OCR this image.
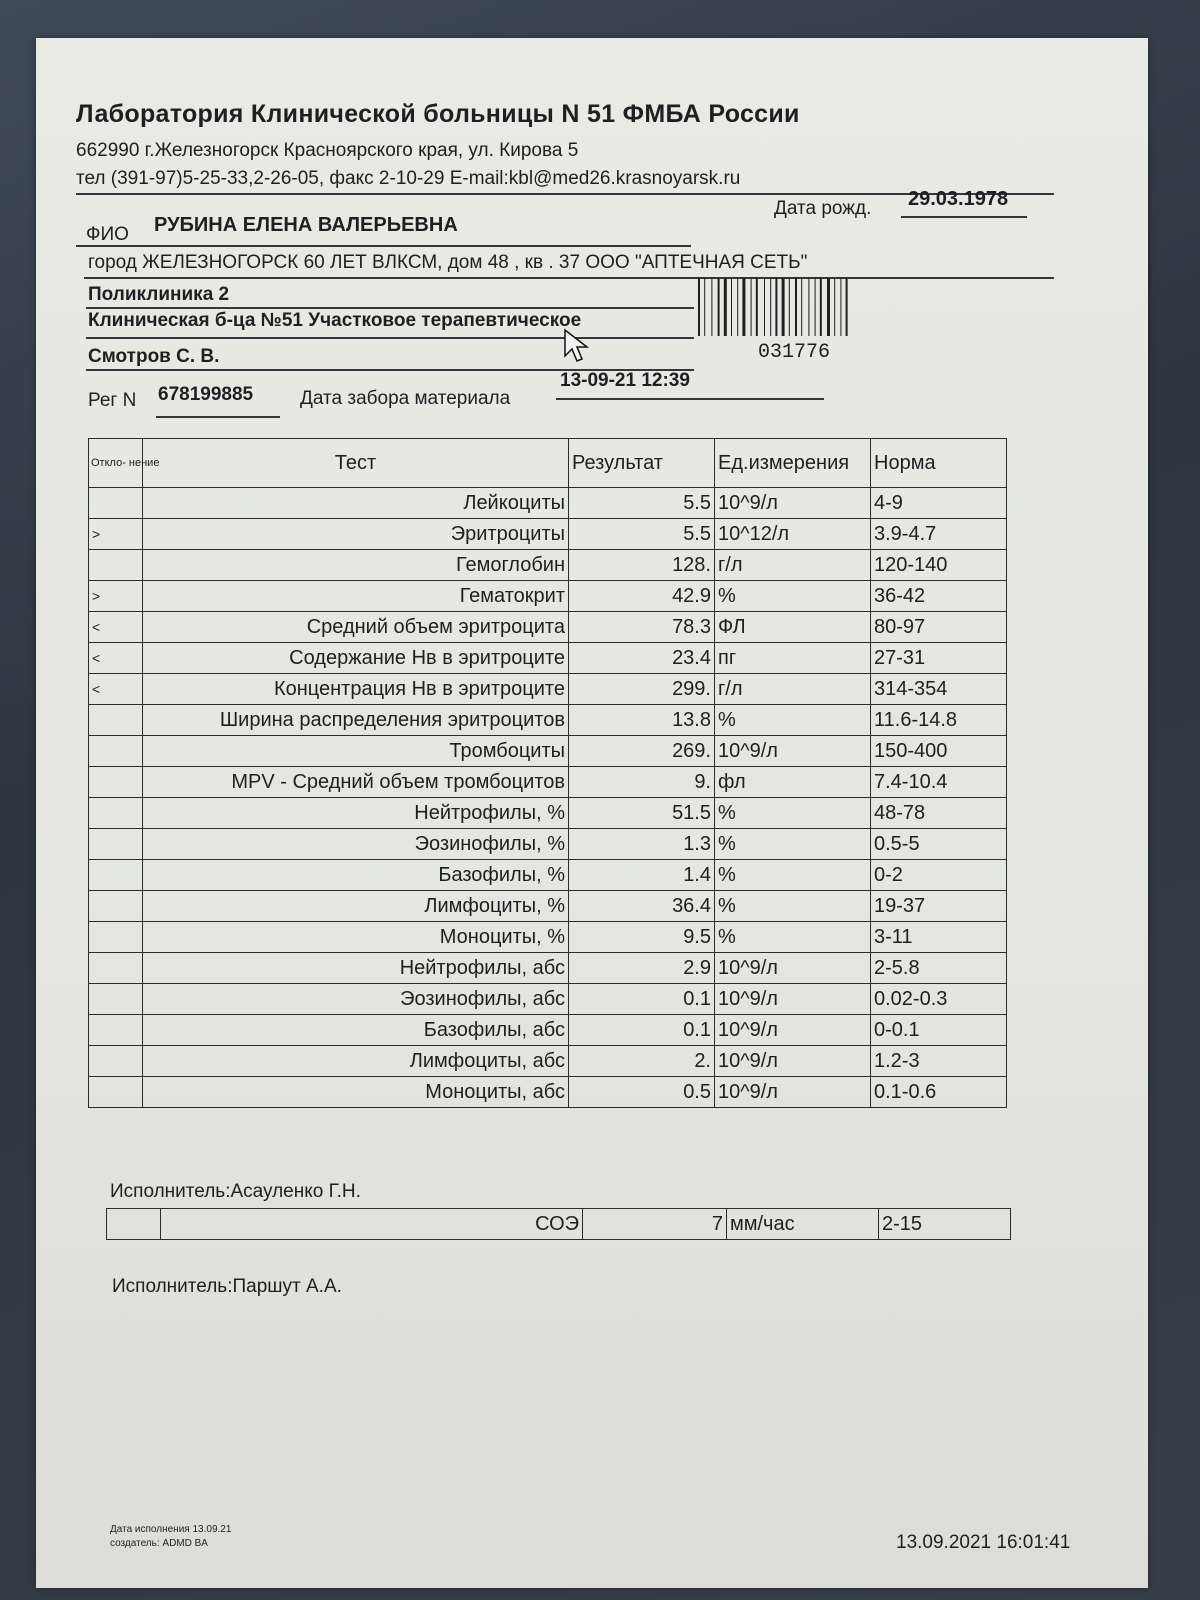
Лаборатория Клинической больницы N 51 ФМБА России
662990 г.Железногорск Красноярского края, ул. Кирова 5
тел (391-97)5-25-33,2-26-05, факс 2-10-29 E-mail:kbl@med26.krasnoyarsk.ru
ФИО РУБИНА ЕЛЕНА ВАЛЕРЬЕВНА
Дата рожд. 29.03.1978
город ЖЕЛЕЗНОГОРСК 60 ЛЕТ ВЛКСМ, дом 48 , кв . 37 ООО "АПТЕЧНАЯ СЕТЬ"
Поликлиника 2
Клиническая б-ца №51 Участковое терапевтическое
Смотров С. В.	031776
Рег N 678199885 Дата забора материала
13-09-21 12:39
Откло- нение	Тест	Результат	Ед.измерения	Норма
	Лейкоциты	5.5	10^9/л	4-9
>	Эритроциты	5.5	10^12/л	3.9-4.7
	Гемоглобин	128.	г/л	120-140
>	Гематокрит	42.9	%	36-42
<	Средний объем эритроцита	78.3	ФЛ	80-97
<	Содержание Нв в эритроците	23.4	пг	27-31
<	Концентрация Нв в эритроците	299.	г/л	314-354
	Ширина распределения эритроцитов	13.8	%	11.6-14.8
	Тромбоциты	269.	10^9/л	150-400
	MPV - Средний объем тромбоцитов	9.	фл	7.4-10.4
	Нейтрофилы, %	51.5	%	48-78
	Эозинофилы, %	1.3	%	0.5-5
	Базофилы, %	1.4	%	0-2
	Лимфоциты, %	36.4	%	19-37
	Моноциты, %	9.5	%	3-11
	Нейтрофилы, абс	2.9	10^9/л	2-5.8
	Эозинофилы, абс	0.1	10^9/л	0.02-0.3
	Базофилы, абс	0.1	10^9/л	0-0.1
	Лимфоциты, абс	2.	10^9/л	1.2-3
	Моноциты, абс	0.5	10^9/л	0.1-0.6
Исполнитель:Асауленко Г.Н.
	СОЭ	7	мм/час	2-15
Исполнитель:Паршут А.А.
Дата исполнения 13.09.21
создатель: ADMD BA	13.09.2021 16:01:41
